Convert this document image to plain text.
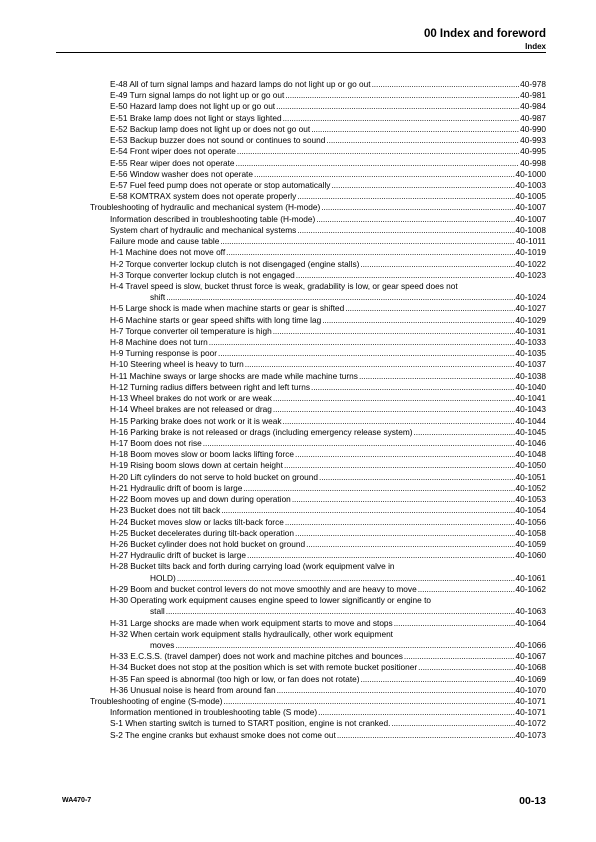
00 Index and foreword
Index
E-48 All of turn signal lamps and hazard lamps do not light up or go out . . .	40-978
E-49 Turn signal lamps do not light up or go out . . .	40-981
E-50 Hazard lamp does not light up or go out . . .	40-984
E-51 Brake lamp does not light or stays lighted . . .	40-987
E-52 Backup lamp does not light up or does not go out . . .	40-990
E-53 Backup buzzer does not sound or continues to sound . . .	40-993
E-54 Front wiper does not operate . . .	40-995
E-55 Rear wiper does not operate . . .	40-998
E-56 Window washer does not operate . . .	40-1000
E-57 Fuel feed pump does not operate or stop automatically . . .	40-1003
E-58 KOMTRAX system does not operate properly . . .	40-1005
Troubleshooting of hydraulic and mechanical system (H-mode) . . .	40-1007
Information described in troubleshooting table (H-mode) . . .	40-1007
System chart of hydraulic and mechanical systems . . .	40-1008
Failure mode and cause table . . .	40-1011
H-1 Machine does not move off . . .	40-1019
H-2 Torque converter lockup clutch is not disengaged (engine stalls) . . .	40-1022
H-3 Torque converter lockup clutch is not engaged . . .	40-1023
H-4 Travel speed is slow, bucket thrust force is weak, gradability is low, or gear speed does not
shift . . .	40-1024
H-5 Large shock is made when machine starts or gear is shifted . . .	40-1027
H-6 Machine starts or gear speed shifts with long time lag . . .	40-1029
H-7 Torque converter oil temperature is high . . .	40-1031
H-8 Machine does not turn . . .	40-1033
H-9 Turning response is poor . . .	40-1035
H-10 Steering wheel is heavy to turn . . .	40-1037
H-11 Machine sways or large shocks are made while machine turns . . .	40-1038
H-12 Turning radius differs between right and left turns . . .	40-1040
H-13 Wheel brakes do not work or are weak . . .	40-1041
H-14 Wheel brakes are not released or drag . . .	40-1043
H-15 Parking brake does not work or it is weak . . .	40-1044
H-16 Parking brake is not released or drags (including emergency release system) . . .	40-1045
H-17 Boom does not rise . . .	40-1046
H-18 Boom moves slow or boom lacks lifting force . . .	40-1048
H-19 Rising boom slows down at certain height . . .	40-1050
H-20 Lift cylinders do not serve to hold bucket on ground . . .	40-1051
H-21 Hydraulic drift of boom is large . . .	40-1052
H-22 Boom moves up and down during operation . . .	40-1053
H-23 Bucket does not tilt back . . .	40-1054
H-24 Bucket moves slow or lacks tilt-back force . . .	40-1056
H-25 Bucket decelerates during tilt-back operation . . .	40-1058
H-26 Bucket cylinder does not hold bucket on ground . . .	40-1059
H-27 Hydraulic drift of bucket is large . . .	40-1060
H-28 Bucket tilts back and forth during carrying load (work equipment valve in
HOLD) . . .	40-1061
H-29 Boom and bucket control levers do not move smoothly and are heavy to move . . .	40-1062
H-30 Operating work equipment causes engine speed to lower significantly or engine to
stall . . .	40-1063
H-31 Large shocks are made when work equipment starts to move and stops . . .	40-1064
H-32 When certain work equipment stalls hydraulically, other work equipment
moves . . .	40-1066
H-33 E.C.S.S. (travel damper) does not work and machine pitches and bounces . . .	40-1067
H-34 Bucket does not stop at the position which is set with remote bucket positioner . . .	40-1068
H-35 Fan speed is abnormal (too high or low, or fan does not rotate) . . .	40-1069
H-36 Unusual noise is heard from around fan . . .	40-1070
Troubleshooting of engine (S-mode) . . .	40-1071
Information mentioned in troubleshooting table (S mode) . . .	40-1071
S-1 When starting switch is turned to START position, engine is not cranked. . . .	40-1072
S-2 The engine cranks but exhaust smoke does not come out . . .	40-1073
WA470-7	00-13
